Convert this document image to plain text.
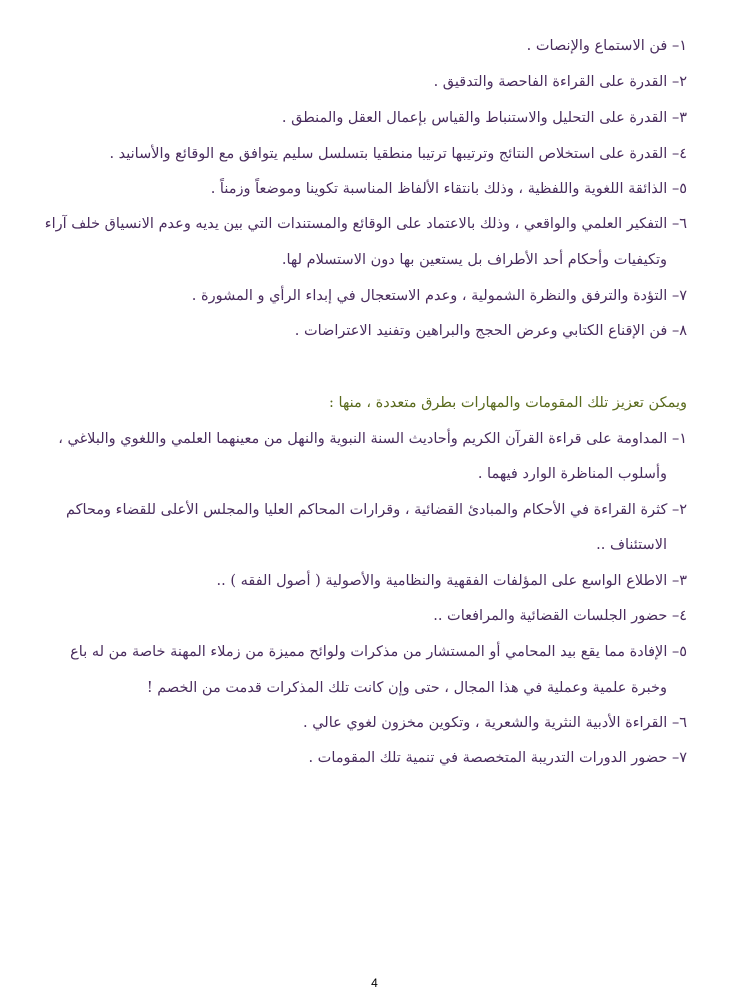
١– فن الاستماع والإنصات .
٢– القدرة على القراءة الفاحصة والتدقيق .
٣– القدرة على التحليل والاستنباط والقياس بإعمال العقل والمنطق .
٤– القدرة على استخلاص النتائج وترتيبها ترتيبا منطقيا بتسلسل سليم يتوافق مع الوقائع والأسانيد .
٥– الذائقة اللغوية واللفظية ، وذلك بانتقاء الألفاظ المناسبة تكوينا وموضعاً وزمناً .
٦– التفكير العلمي والواقعي ، وذلك بالاعتماد على الوقائع والمستندات التي بين يديه وعدم الانسياق خلف آراء
وتكيفيات وأحكام أحد الأطراف بل يستعين بها دون الاستسلام لها.
٧– التؤدة والترفق والنظرة الشمولية ، وعدم الاستعجال في إبداء الرأي و المشورة .
٨– فن الإقناع الكتابي وعرض الحجج والبراهين وتفنيد الاعتراضات .
ويمكن تعزيز تلك المقومات والمهارات بطرق متعددة ، منها :
١– المداومة على قراءة القرآن الكريم وأحاديث السنة النبوية والنهل من معينهما العلمي واللغوي والبلاغي ،
وأسلوب المناظرة الوارد فيهما .
٢– كثرة القراءة في الأحكام والمبادئ القضائية ، وقرارات المحاكم العليا والمجلس الأعلى للقضاء ومحاكم
الاستئناف ..
٣– الاطلاع الواسع على المؤلفات الفقهية والنظامية والأصولية ( أصول الفقه ) ..
٤– حضور الجلسات القضائية والمرافعات ..
٥– الإفادة مما يقع بيد المحامي أو المستشار من مذكرات ولوائح مميزة من زملاء المهنة خاصة من له باع
وخبرة علمية وعملية في هذا المجال ، حتى وإن كانت تلك المذكرات قدمت من الخصم !
٦– القراءة الأدبية النثرية والشعرية ، وتكوين مخزون لغوي عالي .
٧– حضور الدورات التدريبة المتخصصة في تنمية تلك المقومات .
4
